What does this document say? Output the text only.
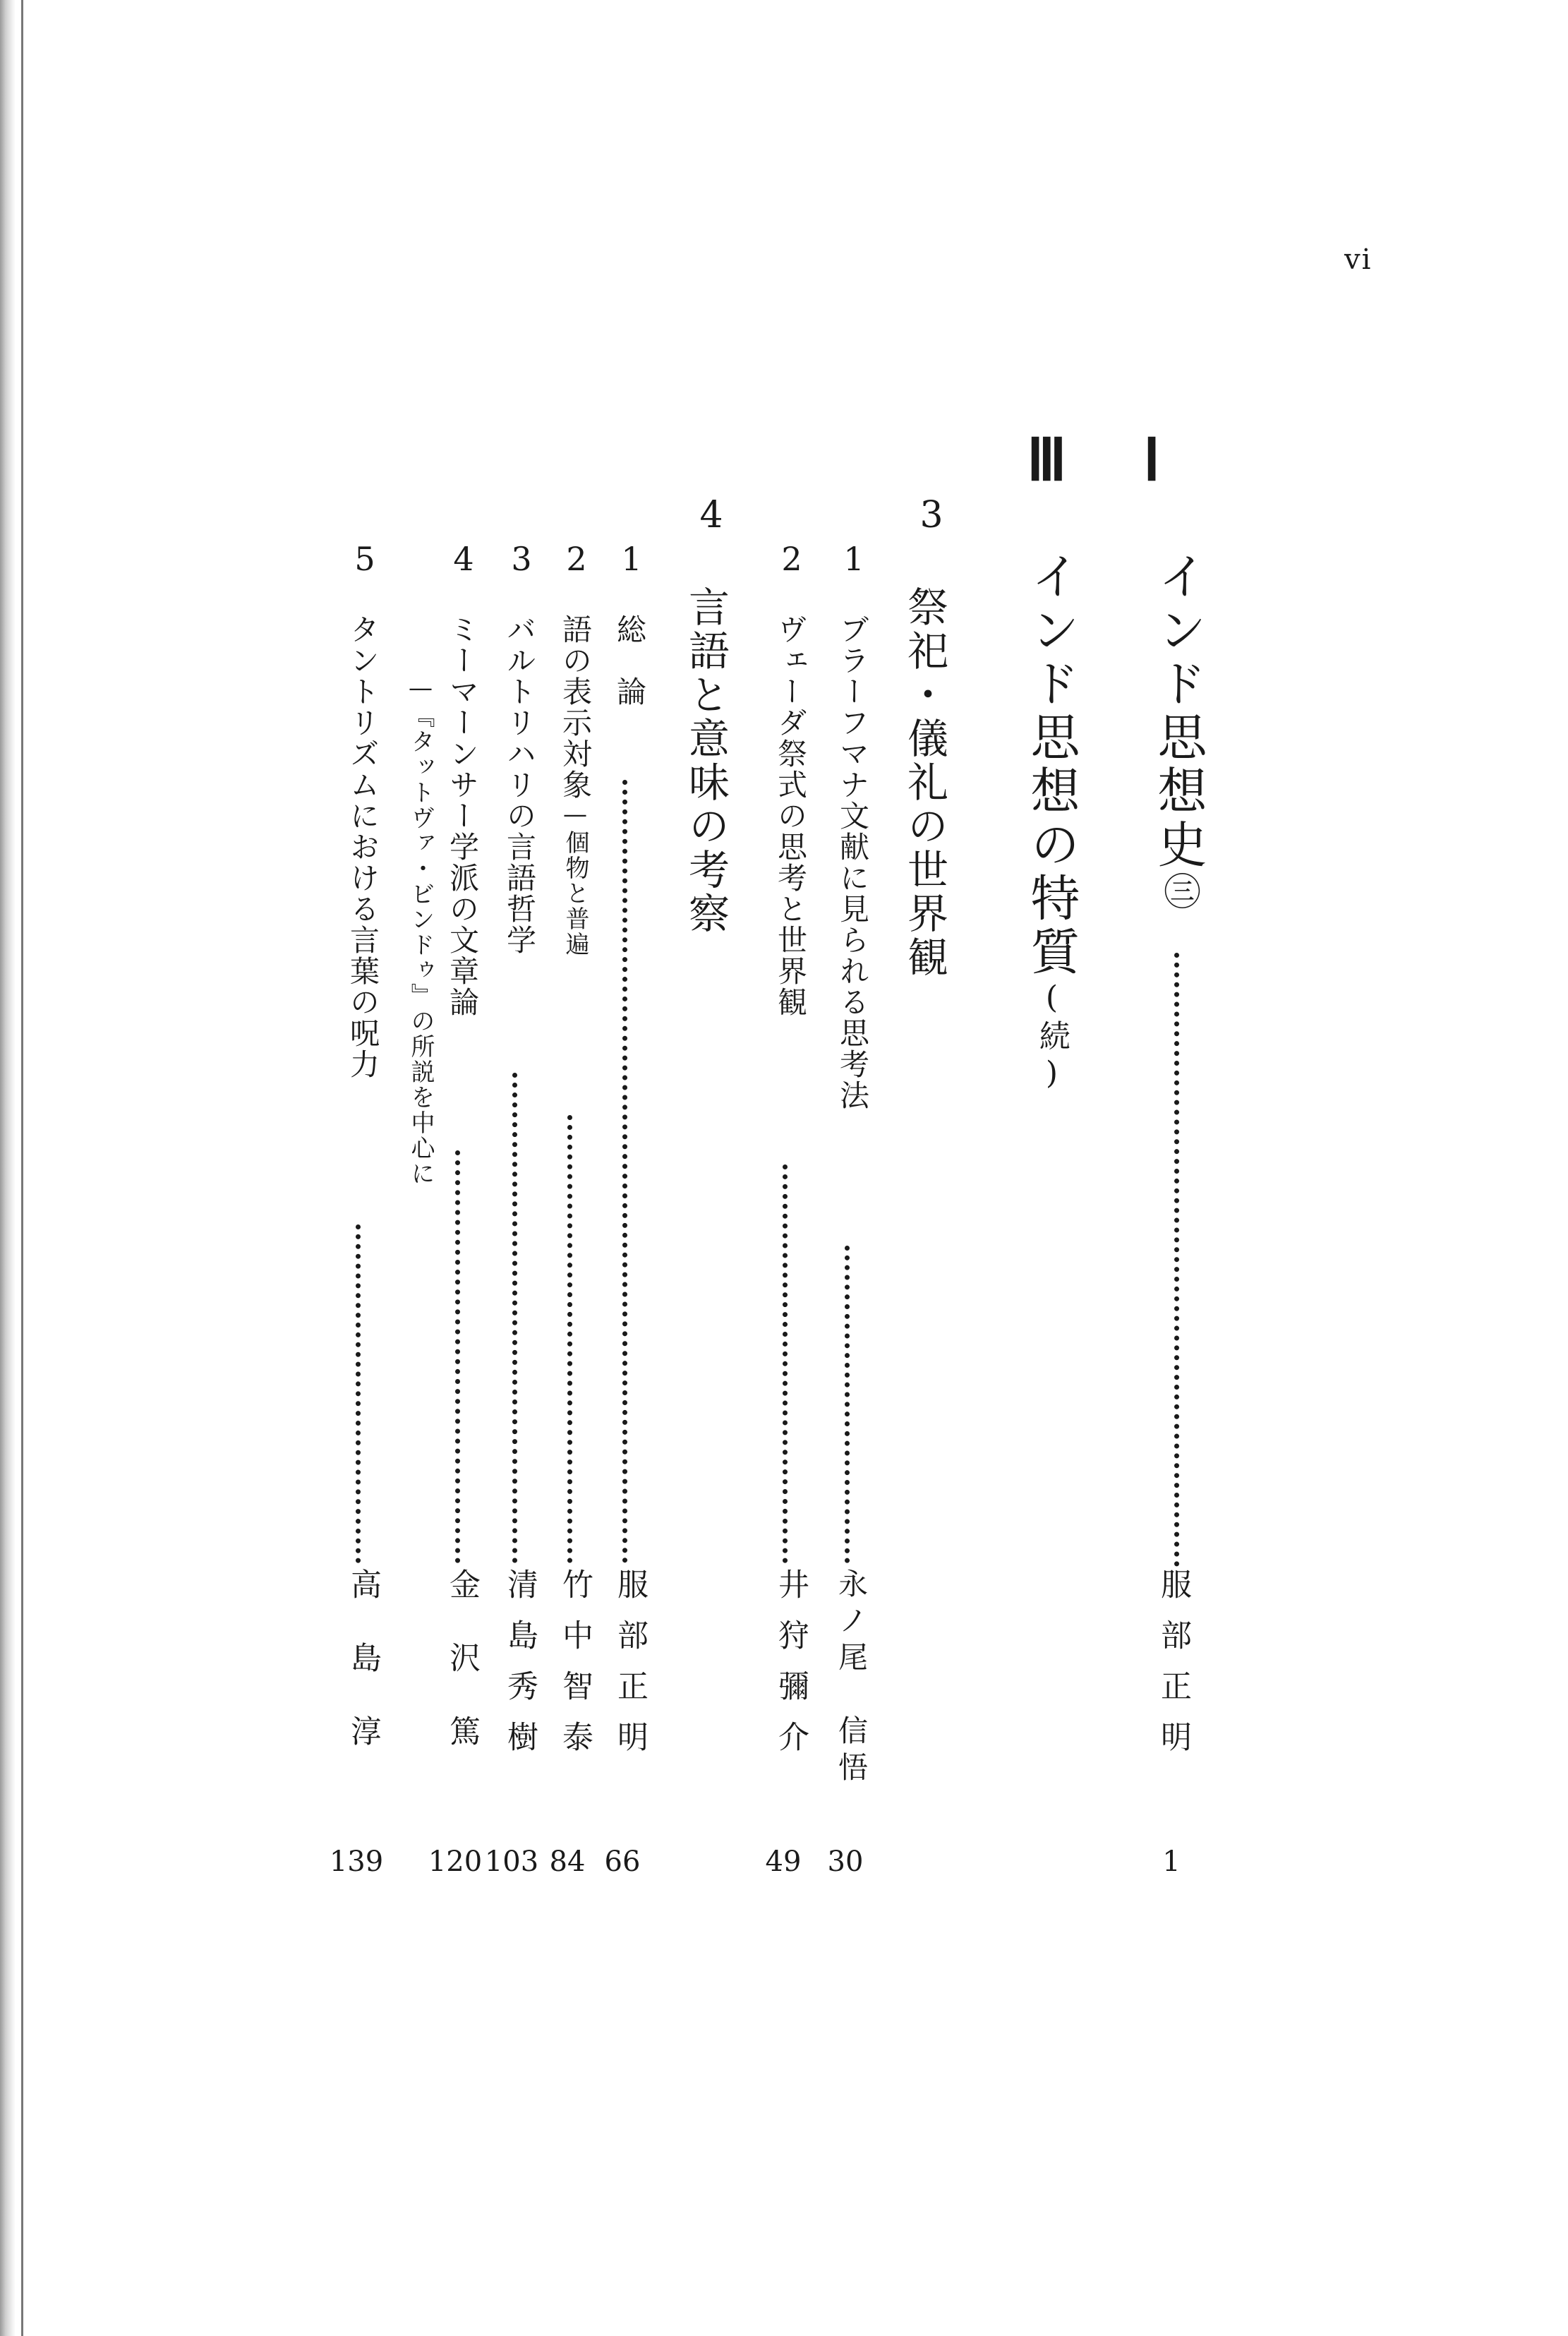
vi
Ⅰ
インド思想史㊂
服部正明
1
Ⅲ
インド思想の特質(続)
3
祭祀・儀礼の世界観
1
ブラーフマナ文献に見られる思考法
永ノ尾　信悟
30
2
ヴェーダ祭式の思考と世界観
井狩彌介
49
4
言語と意味の考察
1
総　論
服部正明
66
2
語の表示対象—個物と普遍
竹中智泰
84
3
バルトリハリの言語哲学
清島秀樹
103
4
ミーマーンサー学派の文章論
—『タットヴァ・ビンドゥ』の所説を中心に
金沢篤
120
5
タントリズムにおける言葉の呪力
高島淳
139
